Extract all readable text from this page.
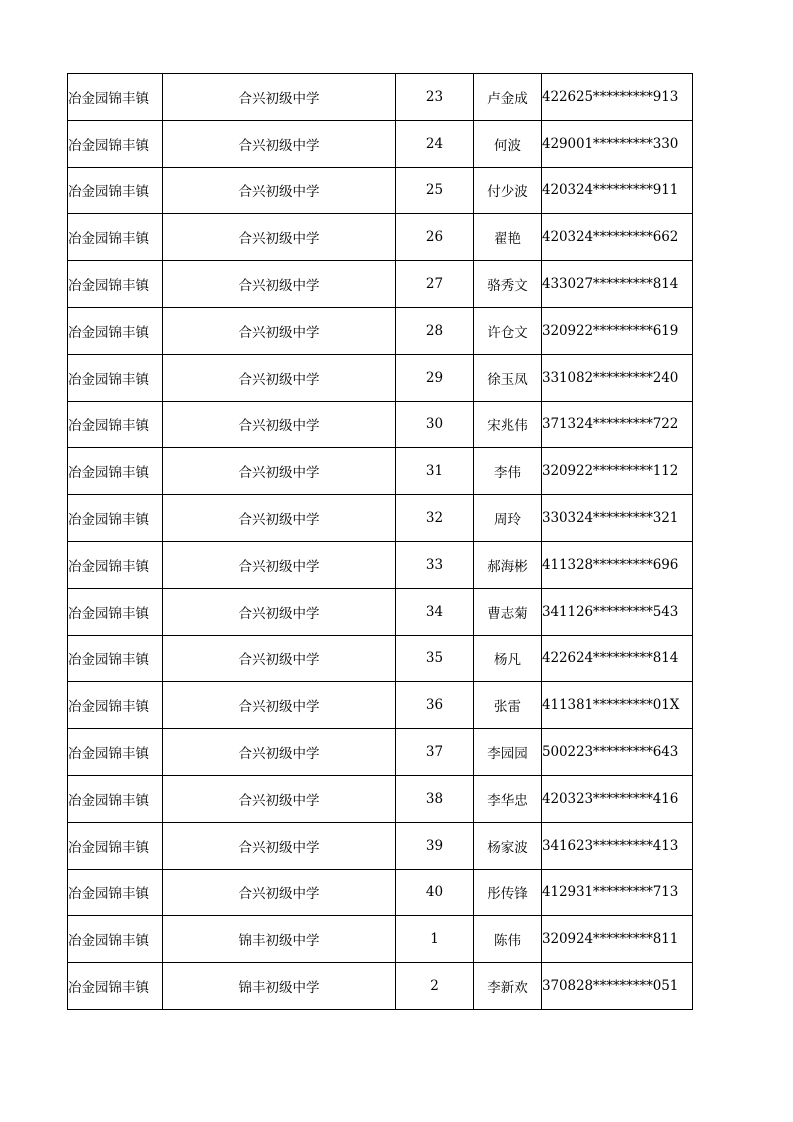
冶金园锦丰镇	合兴初级中学	23	卢金成	422625*********913
冶金园锦丰镇	合兴初级中学	24	何波	429001*********330
冶金园锦丰镇	合兴初级中学	25	付少波	420324*********911
冶金园锦丰镇	合兴初级中学	26	翟艳	420324*********662
冶金园锦丰镇	合兴初级中学	27	骆秀文	433027*********814
冶金园锦丰镇	合兴初级中学	28	许仓文	320922*********619
冶金园锦丰镇	合兴初级中学	29	徐玉凤	331082*********240
冶金园锦丰镇	合兴初级中学	30	宋兆伟	371324*********722
冶金园锦丰镇	合兴初级中学	31	李伟	320922*********112
冶金园锦丰镇	合兴初级中学	32	周玲	330324*********321
冶金园锦丰镇	合兴初级中学	33	郝海彬	411328*********696
冶金园锦丰镇	合兴初级中学	34	曹志菊	341126*********543
冶金园锦丰镇	合兴初级中学	35	杨凡	422624*********814
冶金园锦丰镇	合兴初级中学	36	张雷	411381*********01X
冶金园锦丰镇	合兴初级中学	37	李园园	500223*********643
冶金园锦丰镇	合兴初级中学	38	李华忠	420323*********416
冶金园锦丰镇	合兴初级中学	39	杨家波	341623*********413
冶金园锦丰镇	合兴初级中学	40	彤传锋	412931*********713
冶金园锦丰镇	锦丰初级中学	1	陈伟	320924*********811
冶金园锦丰镇	锦丰初级中学	2	李新欢	370828*********051
